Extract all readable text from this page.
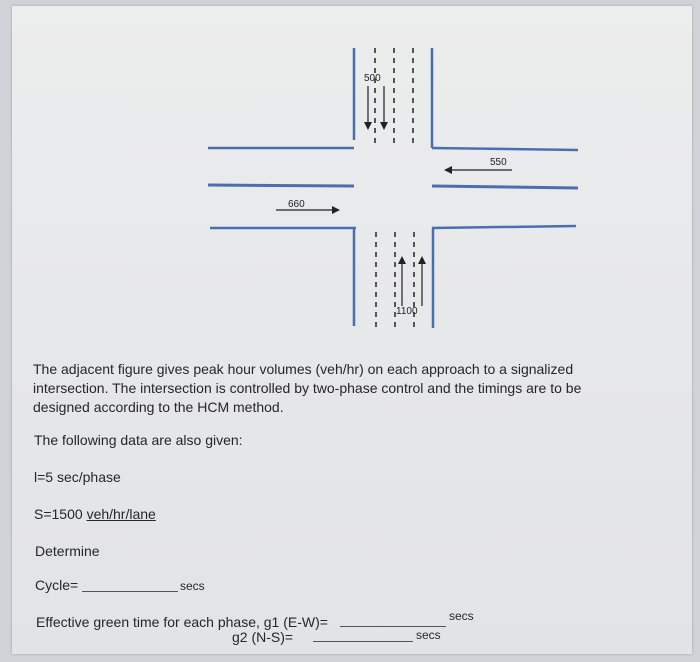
500
550
660
1100
The adjacent figure gives peak hour volumes (veh/hr) on each approach to a signalized intersection. The intersection is controlled by two-phase control and the timings are to be designed according to the HCM method.
The following data are also given:
l=5 sec/phase
S=1500 veh/hr/lane
Determine
Cycle=	secs
Effective green time for each phase, g1 (E-W)=	secs
g2 (N-S)=	secs
